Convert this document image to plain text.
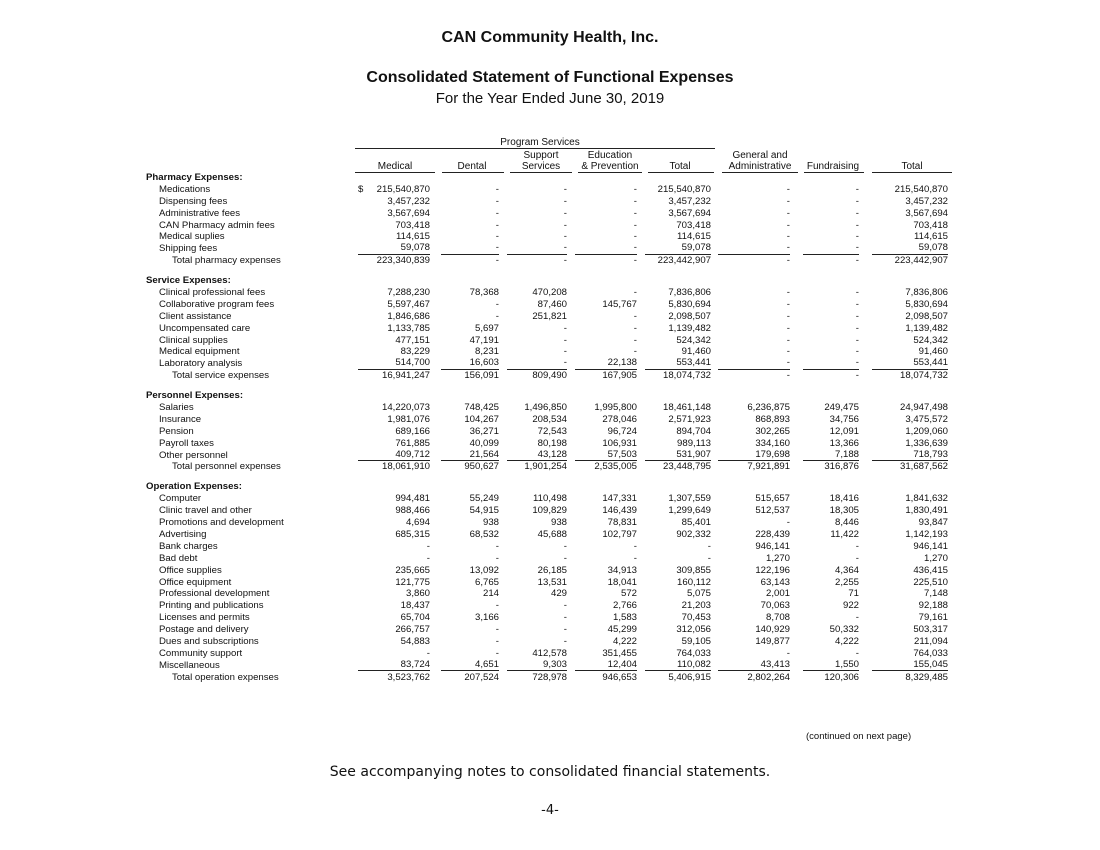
CAN Community Health, Inc.
Consolidated Statement of Functional Expenses
For the Year Ended June 30, 2019
Program Services
Medical	Dental
Support
Services
Education
& Prevention	Total
General and
Administrative	Fundraising	Total
Pharmacy Expenses:
Medications	$	215,540,870	-	-	-	215,540,870	-	-	215,540,870
Dispensing fees	3,457,232	-	-	-	3,457,232	-	-	3,457,232
Administrative fees	3,567,694	-	-	-	3,567,694	-	-	3,567,694
CAN Pharmacy admin fees	703,418	-	-	-	703,418	-	-	703,418
Medical suplies	114,615	-	-	-	114,615	-	-	114,615
Shipping fees	59,078	-	-	-	59,078	-	-	59,078
Total pharmacy expenses	223,340,839	-	-	-	223,442,907	-	-	223,442,907
Service Expenses:
Clinical professional fees	7,288,230	78,368	470,208	-	7,836,806	-	-	7,836,806
Collaborative program fees	5,597,467	-	87,460	145,767	5,830,694	-	-	5,830,694
Client assistance	1,846,686	-	251,821	-	2,098,507	-	-	2,098,507
Uncompensated care	1,133,785	5,697	-	-	1,139,482	-	-	1,139,482
Clinical supplies	477,151	47,191	-	-	524,342	-	-	524,342
Medical equipment	83,229	8,231	-	-	91,460	-	-	91,460
Laboratory analysis	514,700	16,603	-	22,138	553,441	-	-	553,441
Total service expenses	16,941,247	156,091	809,490	167,905	18,074,732	-	-	18,074,732
Personnel Expenses:
Salaries	14,220,073	748,425	1,496,850	1,995,800	18,461,148	6,236,875	249,475	24,947,498
Insurance	1,981,076	104,267	208,534	278,046	2,571,923	868,893	34,756	3,475,572
Pension	689,166	36,271	72,543	96,724	894,704	302,265	12,091	1,209,060
Payroll taxes	761,885	40,099	80,198	106,931	989,113	334,160	13,366	1,336,639
Other personnel	409,712	21,564	43,128	57,503	531,907	179,698	7,188	718,793
Total personnel expenses	18,061,910	950,627	1,901,254	2,535,005	23,448,795	7,921,891	316,876	31,687,562
Operation Expenses:
Computer	994,481	55,249	110,498	147,331	1,307,559	515,657	18,416	1,841,632
Clinic travel and other	988,466	54,915	109,829	146,439	1,299,649	512,537	18,305	1,830,491
Promotions and development	4,694	938	938	78,831	85,401	-	8,446	93,847
Advertising	685,315	68,532	45,688	102,797	902,332	228,439	11,422	1,142,193
Bank charges	-	-	-	-	-	946,141	-	946,141
Bad debt	-	-	-	-	-	1,270	-	1,270
Office supplies	235,665	13,092	26,185	34,913	309,855	122,196	4,364	436,415
Office equipment	121,775	6,765	13,531	18,041	160,112	63,143	2,255	225,510
Professional development	3,860	214	429	572	5,075	2,001	71	7,148
Printing and publications	18,437	-	-	2,766	21,203	70,063	922	92,188
Licenses and permits	65,704	3,166	-	1,583	70,453	8,708	-	79,161
Postage and delivery	266,757	-	-	45,299	312,056	140,929	50,332	503,317
Dues and subscriptions	54,883	-	-	4,222	59,105	149,877	4,222	211,094
Community support	-	-	412,578	351,455	764,033	-	-	764,033
Miscellaneous	83,724	4,651	9,303	12,404	110,082	43,413	1,550	155,045
Total operation expenses	3,523,762	207,524	728,978	946,653	5,406,915	2,802,264	120,306	8,329,485
(continued on next page)
See accompanying notes to consolidated financial statements.
-4-
